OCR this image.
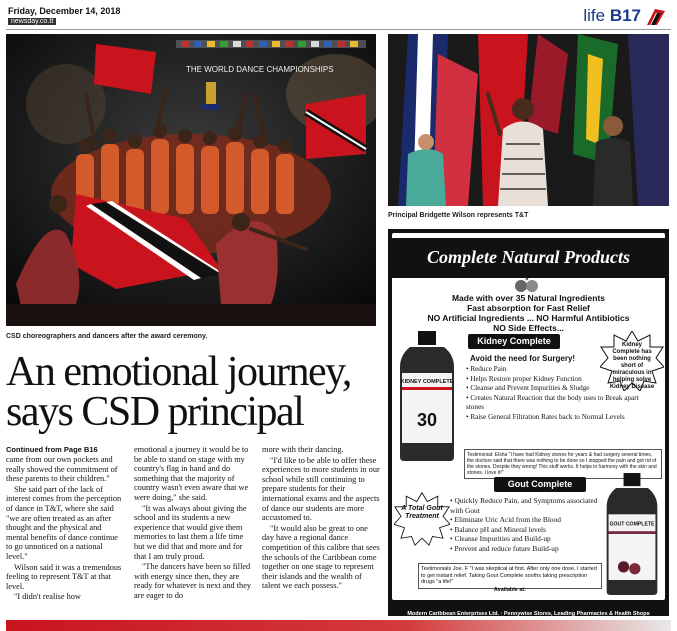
Friday, December 14, 2018
newsday.co.tt	life B17
THE WORLD DANCE CHAMPIONSHIPS
CSD choreographers and dancers after the award ceremony.
Principal Bridgette Wilson represents T&T
An emotional journey,
says CSD principal
Continued from Page B16

came from our own pockets and really showed the commitment of these parents to their children."

She said part of the lack of interest comes from the perception of dance in T&T, where she said "we are often treated as an after thought and the physical and mental benefits of dance continue to go unnoticed on a national level."

Wilson said it was a tremendous feeling to represent T&T at that level.

"I didn't realise how

emotional a journey it would be to be able to stand on stage with my country's flag in hand and do something that the majority of country wasn't even aware that we were doing," she said.

"It was always about giving the school and its students a new experience that would give them memories to last them a life time but we did that and more and for that I am truly proud.

"The dancers have been so filled with energy since then, they are ready for whatever is next and they are eager to do

more with their dancing.

"I'd like to be able to offer these experiences to more students in our school while still continuing to prepare students for their international exams and the aspects of dance our students are more accustomed to.

"It would also be great to one day have a regional dance competition of this calibre that sees the schools of the Caribbean come together on one stage to represent their islands and the wealth of talent we each possess."

Complete Natural Products
Made with over 35 Natural Ingredients
Fast absorption for Fast Relief
NO Artificial Ingredients ... NO Harmful Antibiotics
NO Side Effects...
KIDNEY COMPLETE
30
Kidney Complete
Avoid the need for Surgery!
• Reduce Pain
• Helps Restore proper Kidney Function
• Cleanse and Prevent Impurities & Sludge
• Creates Natural Reaction that the body uses to Break apart stones
• Raise General Filtration Rates back to Normal Levels
Kidney Complete has been nothing short of miraculous in helping solve Kidney Disease
Testimonial: Elsha "I have had Kidney stones for years & had surgery several times, the doctors said that there was nothing to be done so I stopped the pain and got rid of the stones. Despite they wrong! This stuff works. It helps in harmony with the skin and stones. I love it!"
Gout Complete
A Total Gout Treatment
• Quickly Reduce Pain, and Symptoms associated with Gout
• Eliminate Uric Acid from the Blood
• Balance pH and Mineral levels
• Cleanse Impurities and Build-up
• Prevent and reduce future Build-up
GOUT COMPLETE
Testimonials Joe. F "I was skeptical at first. After only one dose, I started to get instant relief. Taking Gout Complete sooths taking prescription drugs "a life!"
Available at:
Modern Caribbean Enterprises Ltd. · Pennywise Stores, Leading Pharmacies & Health Shops
